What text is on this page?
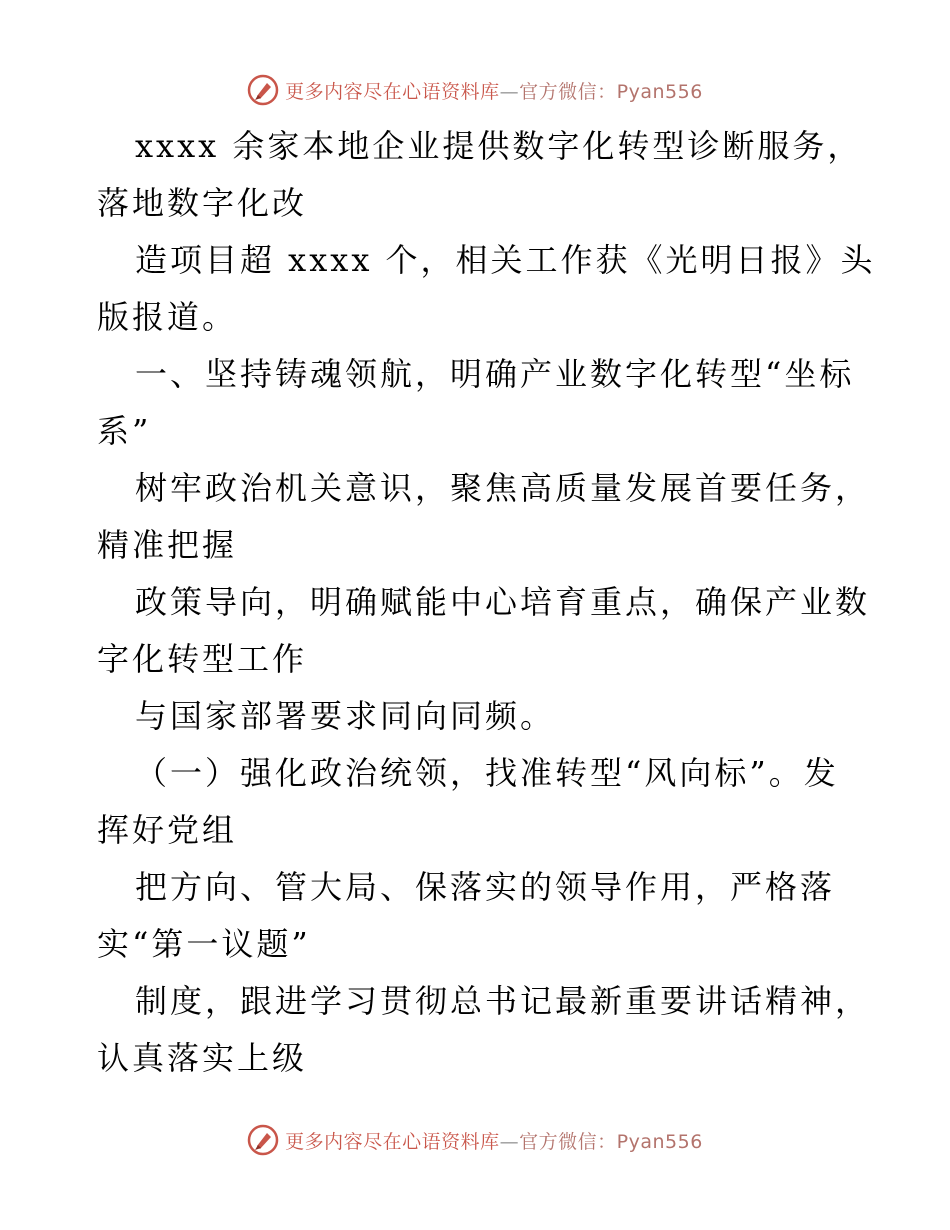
更多内容尽在心语资料库—官方微信：Pyan556
xxxx 余家本地企业提供数字化转型诊断服务，
落地数字化改
造项目超 xxxx 个，相关工作获《光明日报》头
版报道。
一、坚持铸魂领航，明确产业数字化转型“坐标
系”
树牢政治机关意识，聚焦高质量发展首要任务，
精准把握
政策导向，明确赋能中心培育重点，确保产业数
字化转型工作
与国家部署要求同向同频。
（一）强化政治统领，找准转型“风向标”。发
挥好党组
把方向、管大局、保落实的领导作用，严格落
实“第一议题”
制度，跟进学习贯彻总书记最新重要讲话精神，
认真落实上级
更多内容尽在心语资料库—官方微信：Pyan556
